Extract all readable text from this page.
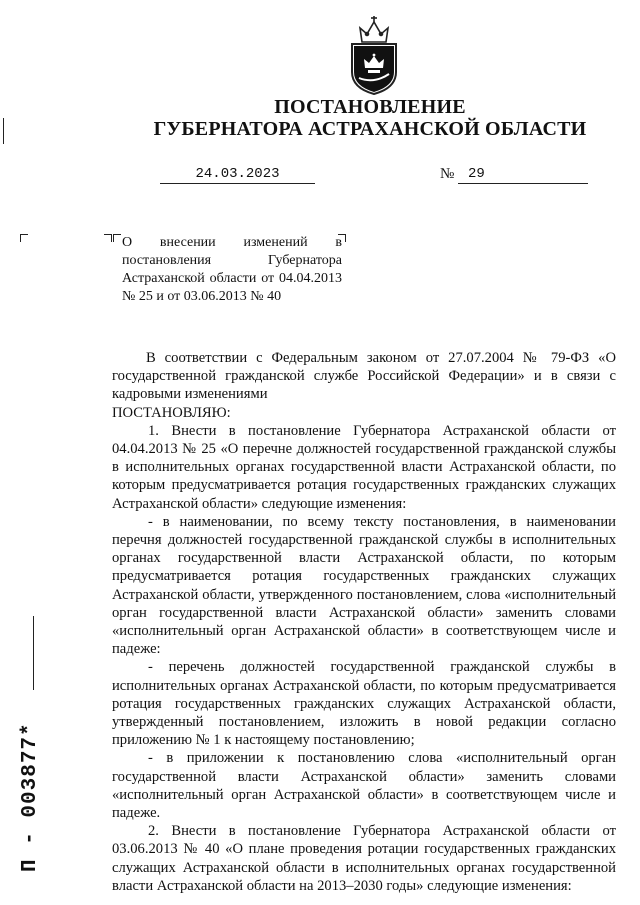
ПОСТАНОВЛЕНИЕ
ГУБЕРНАТОРА АСТРАХАНСКОЙ ОБЛАСТИ
24.03.2023	№ 29
О внесении изменений в постановления Губернатора Астраханской области от 04.04.2013 № 25 и от 03.06.2013 № 40

В соответствии с Федеральным законом от 27.07.2004 № 79-ФЗ «О государственной гражданской службе Российской Федерации» и в связи с кадровыми изменениями

ПОСТАНОВЛЯЮ:

1. Внести в постановление Губернатора Астраханской области от 04.04.2013 № 25 «О перечне должностей государственной гражданской службы в исполнительных органах государственной власти Астраханской области, по которым предусматривается ротация государственных гражданских служащих Астраханской области» следующие изменения:

- в наименовании, по всему тексту постановления, в наименовании перечня должностей государственной гражданской службы в исполнительных органах государственной власти Астраханской области, по которым предусматривается ротация государственных гражданских служащих Астраханской области, утвержденного постановлением, слова «исполнительный орган государственной власти Астраханской области» заменить словами «исполнительный орган Астраханской области» в соответствующем числе и падеже:

- перечень должностей государственной гражданской службы в исполнительных органах Астраханской области, по которым предусматривается ротация государственных гражданских служащих Астраханской области, утвержденный постановлением, изложить в новой редакции согласно приложению № 1 к настоящему постановлению;

- в приложении к постановлению слова «исполнительный орган государственной власти Астраханской области» заменить словами «исполнительный орган Астраханской области» в соответствующем числе и падеже.

2. Внести в постановление Губернатора Астраханской области от 03.06.2013 № 40 «О плане проведения ротации государственных гражданских служащих Астраханской области в исполнительных органах государственной власти Астраханской области на 2013–2030 годы» следующие изменения:

П - 003877*
